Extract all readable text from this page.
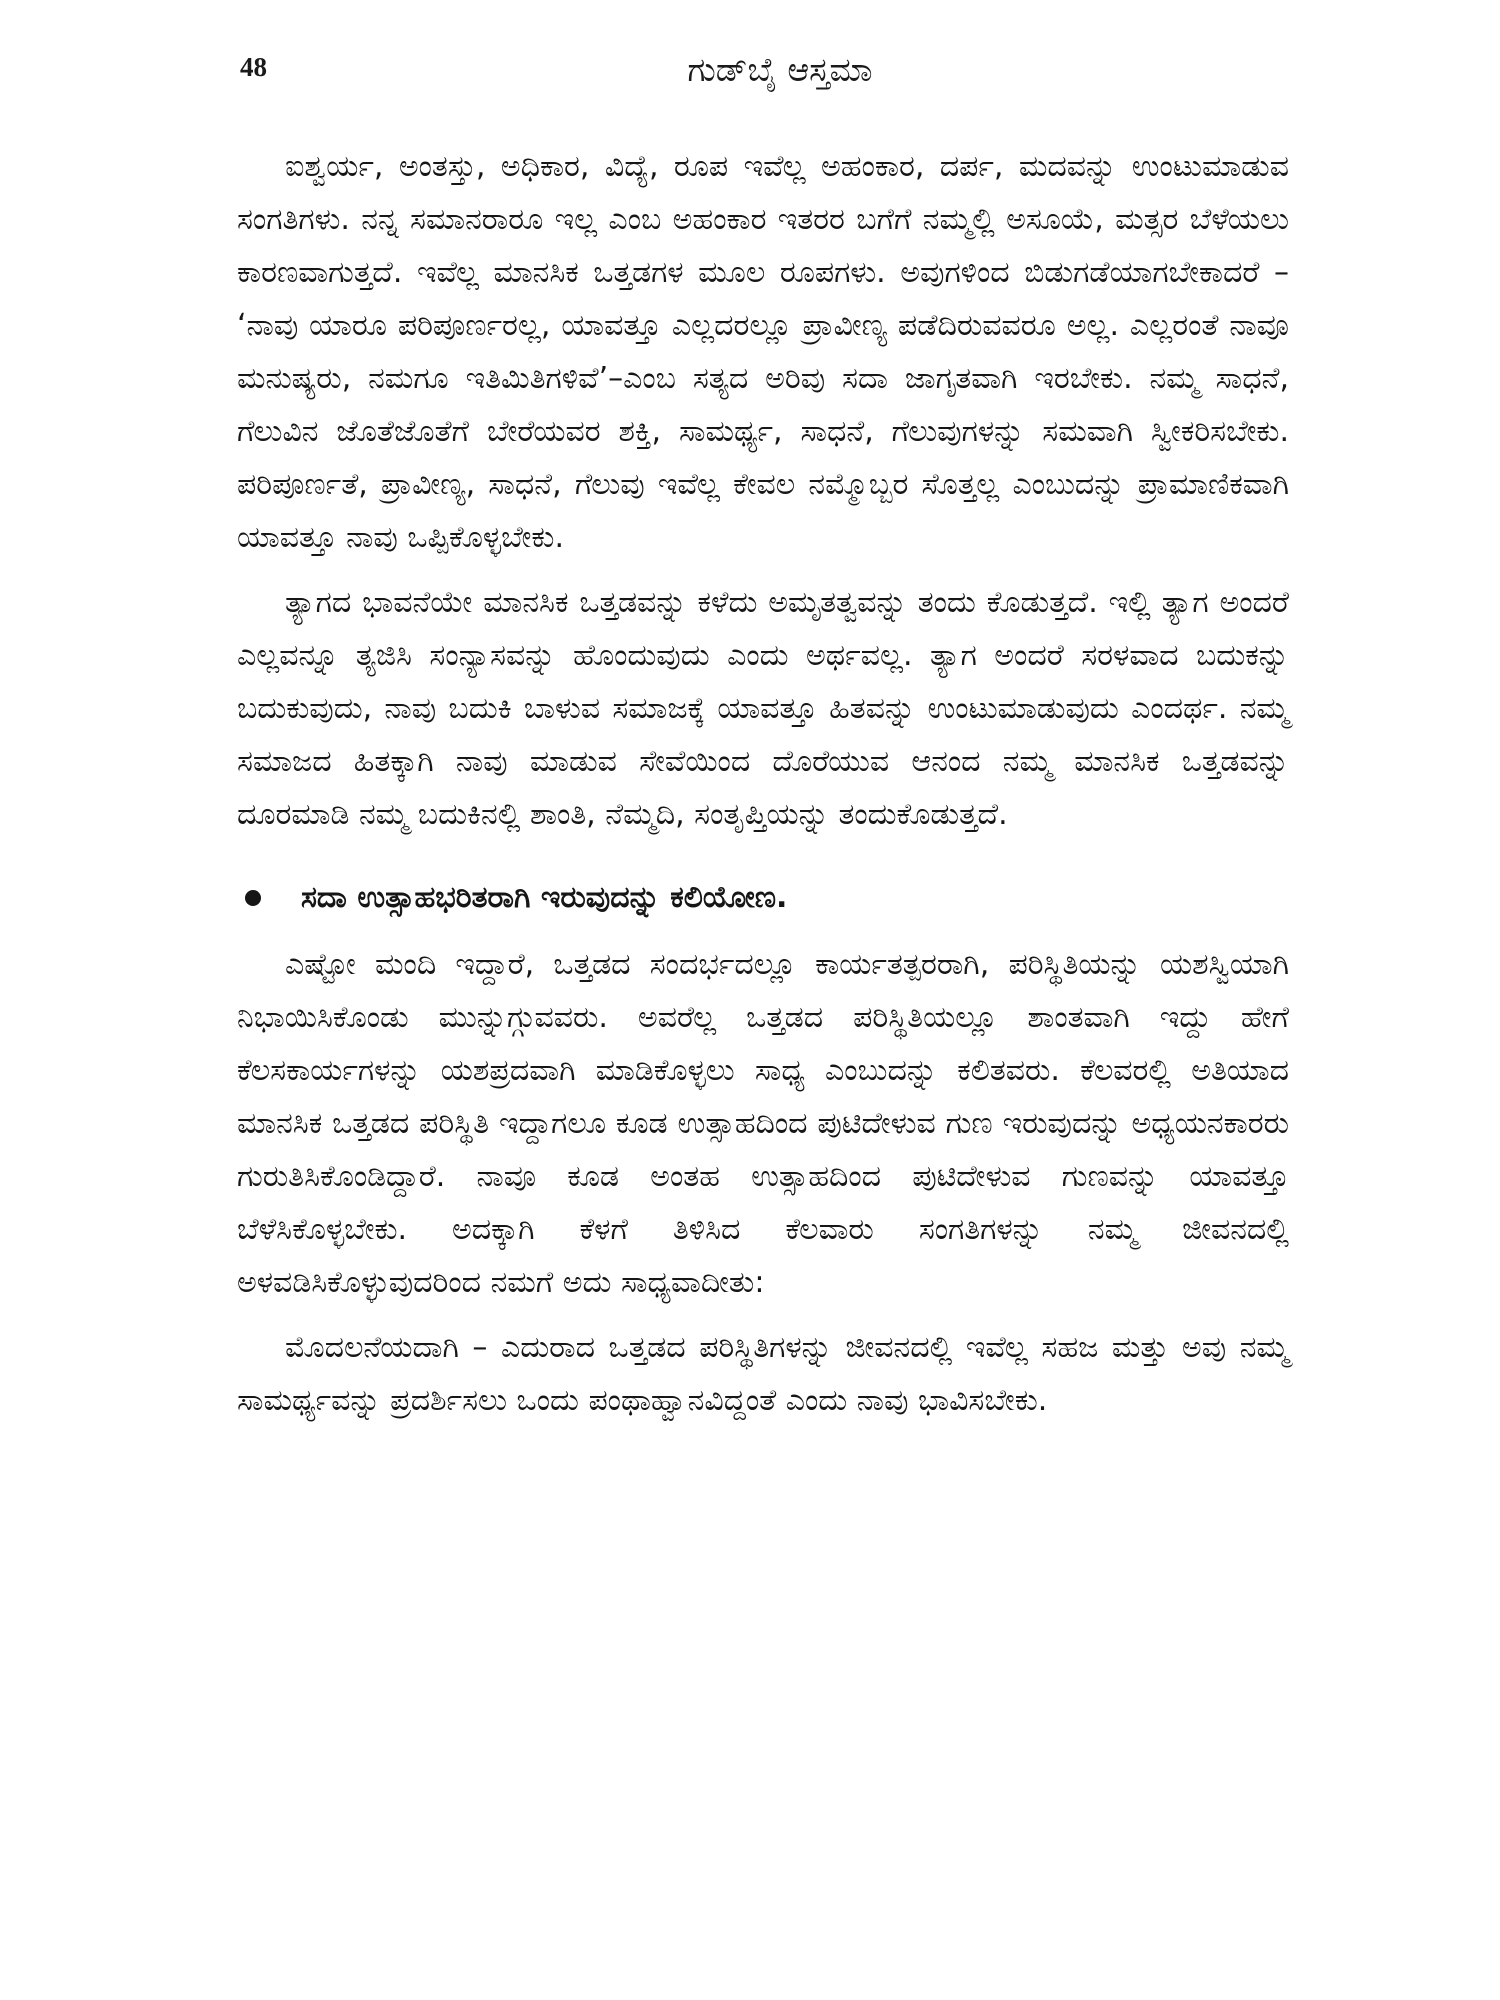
48	ಗುಡ್‌ಬೈ ಆಸ್ತಮಾ

ಐಶ್ವರ್ಯ, ಅಂತಸ್ತು, ಅಧಿಕಾರ, ವಿದ್ಯೆ, ರೂಪ ಇವೆಲ್ಲ ಅಹಂಕಾರ, ದರ್ಪ, ಮದವನ್ನು ಉಂಟುಮಾಡುವ ಸಂಗತಿಗಳು. ನನ್ನ ಸಮಾನರಾರೂ ಇಲ್ಲ ಎಂಬ ಅಹಂಕಾರ ಇತರರ ಬಗೆಗೆ ನಮ್ಮಲ್ಲಿ ಅಸೂಯೆ, ಮತ್ಸರ ಬೆಳೆಯಲು ಕಾರಣವಾಗುತ್ತದೆ. ಇವೆಲ್ಲ ಮಾನಸಿಕ ಒತ್ತಡಗಳ ಮೂಲ ರೂಪಗಳು. ಅವುಗಳಿಂದ ಬಿಡುಗಡೆಯಾಗಬೇಕಾದರೆ – ‘ನಾವು ಯಾರೂ ಪರಿಪೂರ್ಣರಲ್ಲ, ಯಾವತ್ತೂ ಎಲ್ಲದರಲ್ಲೂ ಪ್ರಾವೀಣ್ಯ ಪಡೆದಿರುವವರೂ ಅಲ್ಲ. ಎಲ್ಲರಂತೆ ನಾವೂ ಮನುಷ್ಯರು, ನಮಗೂ ಇತಿಮಿತಿಗಳಿವೆ’–ಎಂಬ ಸತ್ಯದ ಅರಿವು ಸದಾ ಜಾಗೃತವಾಗಿ ಇರಬೇಕು. ನಮ್ಮ ಸಾಧನೆ, ಗೆಲುವಿನ ಜೊತೆಜೊತೆಗೆ ಬೇರೆಯವರ ಶಕ್ತಿ, ಸಾಮರ್ಥ್ಯ, ಸಾಧನೆ, ಗೆಲುವುಗಳನ್ನು ಸಮವಾಗಿ ಸ್ವೀಕರಿಸಬೇಕು. ಪರಿಪೂರ್ಣತೆ, ಪ್ರಾವೀಣ್ಯ, ಸಾಧನೆ, ಗೆಲುವು ಇವೆಲ್ಲ ಕೇವಲ ನಮ್ಮೊಬ್ಬರ ಸೊತ್ತಲ್ಲ ಎಂಬುದನ್ನು ಪ್ರಾಮಾಣಿಕವಾಗಿ ಯಾವತ್ತೂ ನಾವು ಒಪ್ಪಿಕೊಳ್ಳಬೇಕು.

ತ್ಯಾಗದ ಭಾವನೆಯೇ ಮಾನಸಿಕ ಒತ್ತಡವನ್ನು ಕಳೆದು ಅಮೃತತ್ವವನ್ನು ತಂದು ಕೊಡುತ್ತದೆ. ಇಲ್ಲಿ ತ್ಯಾಗ ಅಂದರೆ ಎಲ್ಲವನ್ನೂ ತ್ಯಜಿಸಿ ಸಂನ್ಯಾಸವನ್ನು ಹೊಂದುವುದು ಎಂದು ಅರ್ಥವಲ್ಲ. ತ್ಯಾಗ ಅಂದರೆ ಸರಳವಾದ ಬದುಕನ್ನು ಬದುಕುವುದು, ನಾವು ಬದುಕಿ ಬಾಳುವ ಸಮಾಜಕ್ಕೆ ಯಾವತ್ತೂ ಹಿತವನ್ನು ಉಂಟುಮಾಡುವುದು ಎಂದರ್ಥ. ನಮ್ಮ ಸಮಾಜದ ಹಿತಕ್ಕಾಗಿ ನಾವು ಮಾಡುವ ಸೇವೆಯಿಂದ ದೊರೆಯುವ ಆನಂದ ನಮ್ಮ ಮಾನಸಿಕ ಒತ್ತಡವನ್ನು ದೂರಮಾಡಿ ನಮ್ಮ ಬದುಕಿನಲ್ಲಿ ಶಾಂತಿ, ನೆಮ್ಮದಿ, ಸಂತೃಪ್ತಿಯನ್ನು ತಂದುಕೊಡುತ್ತದೆ.

ಸದಾ ಉತ್ಸಾಹಭರಿತರಾಗಿ ಇರುವುದನ್ನು ಕಲಿಯೋಣ.

ಎಷ್ಟೋ ಮಂದಿ ಇದ್ದಾರೆ, ಒತ್ತಡದ ಸಂದರ್ಭದಲ್ಲೂ ಕಾರ್ಯತತ್ಪರರಾಗಿ, ಪರಿಸ್ಥಿತಿಯನ್ನು ಯಶಸ್ವಿಯಾಗಿ ನಿಭಾಯಿಸಿಕೊಂಡು ಮುನ್ನುಗ್ಗುವವರು. ಅವರೆಲ್ಲ ಒತ್ತಡದ ಪರಿಸ್ಥಿತಿಯಲ್ಲೂ ಶಾಂತವಾಗಿ ಇದ್ದು ಹೇಗೆ ಕೆಲಸಕಾರ್ಯಗಳನ್ನು ಯಶಪ್ರದವಾಗಿ ಮಾಡಿಕೊಳ್ಳಲು ಸಾಧ್ಯ ಎಂಬುದನ್ನು ಕಲಿತವರು. ಕೆಲವರಲ್ಲಿ ಅತಿಯಾದ ಮಾನಸಿಕ ಒತ್ತಡದ ಪರಿಸ್ಥಿತಿ ಇದ್ದಾಗಲೂ ಕೂಡ ಉತ್ಸಾಹದಿಂದ ಪುಟಿದೇಳುವ ಗುಣ ಇರುವುದನ್ನು ಅಧ್ಯಯನಕಾರರು ಗುರುತಿಸಿಕೊಂಡಿದ್ದಾರೆ. ನಾವೂ ಕೂಡ ಅಂತಹ ಉತ್ಸಾಹದಿಂದ ಪುಟಿದೇಳುವ ಗುಣವನ್ನು ಯಾವತ್ತೂ ಬೆಳೆಸಿಕೊಳ್ಳಬೇಕು. ಅದಕ್ಕಾಗಿ ಕೆಳಗೆ ತಿಳಿಸಿದ ಕೆಲವಾರು ಸಂಗತಿಗಳನ್ನು ನಮ್ಮ ಜೀವನದಲ್ಲಿ ಅಳವಡಿಸಿಕೊಳ್ಳುವುದರಿಂದ ನಮಗೆ ಅದು ಸಾಧ್ಯವಾದೀತು:

ಮೊದಲನೆಯದಾಗಿ – ಎದುರಾದ ಒತ್ತಡದ ಪರಿಸ್ಥಿತಿಗಳನ್ನು ಜೀವನದಲ್ಲಿ ಇವೆಲ್ಲ ಸಹಜ ಮತ್ತು ಅವು ನಮ್ಮ ಸಾಮರ್ಥ್ಯವನ್ನು ಪ್ರದರ್ಶಿಸಲು ಒಂದು ಪಂಥಾಹ್ವಾನವಿದ್ದಂತೆ ಎಂದು ನಾವು ಭಾವಿಸಬೇಕು.
